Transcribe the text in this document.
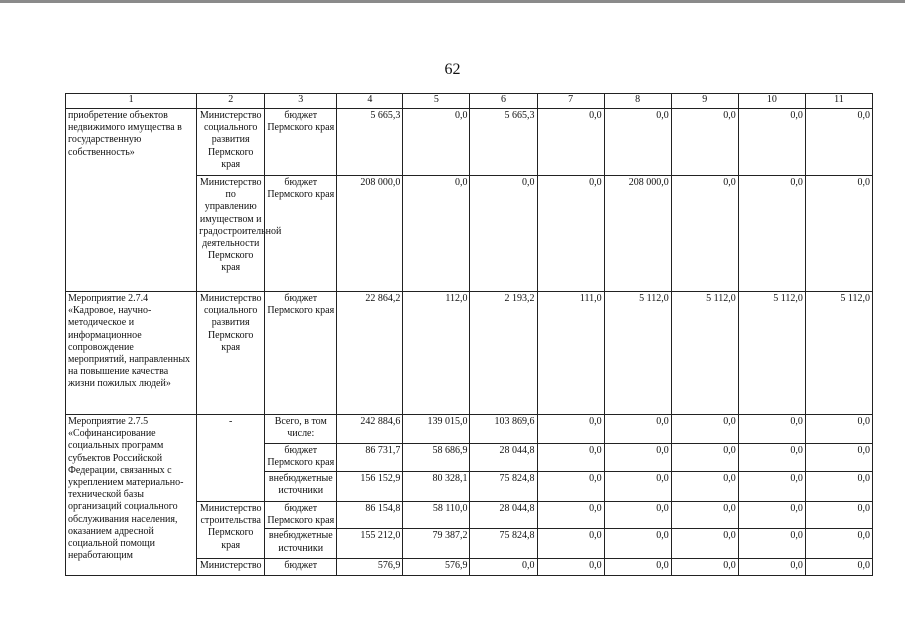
62
1	2	3	4	5	6	7	8	9	10	11
приобретение объектов недвижимого имущества в государственную собственность»	Министерство социального развития Пермского края	бюджет Пермского края	5 665,3	0,0	5 665,3	0,0	0,0	0,0	0,0	0,0
	Министерство по управлению имуществом и градостроительной деятельности Пермского края	бюджет Пермского края	208 000,0	0,0	0,0	0,0	208 000,0	0,0	0,0	0,0
Мероприятие 2.7.4 «Кадровое, научно-методическое и информационное сопровождение мероприятий, направленных на повышение качества жизни пожилых людей»	Министерство социального развития Пермского края	бюджет Пермского края	22 864,2	112,0	2 193,2	111,0	5 112,0	5 112,0	5 112,0	5 112,0
Мероприятие 2.7.5 «Софинансирование социальных программ субъектов Российской Федерации, связанных с укреплением материально-технической базы организаций социального обслуживания населения, оказанием адресной социальной помощи неработающим	-	Всего, в том числе:	242 884,6	139 015,0	103 869,6	0,0	0,0	0,0	0,0	0,0
		бюджет Пермского края	86 731,7	58 686,9	28 044,8	0,0	0,0	0,0	0,0	0,0
		внебюджетные источники	156 152,9	80 328,1	75 824,8	0,0	0,0	0,0	0,0	0,0
	Министерство строительства Пермского края	бюджет Пермского края	86 154,8	58 110,0	28 044,8	0,0	0,0	0,0	0,0	0,0
		внебюджетные источники	155 212,0	79 387,2	75 824,8	0,0	0,0	0,0	0,0	0,0
	Министерство	бюджет	576,9	576,9	0,0	0,0	0,0	0,0	0,0	0,0
